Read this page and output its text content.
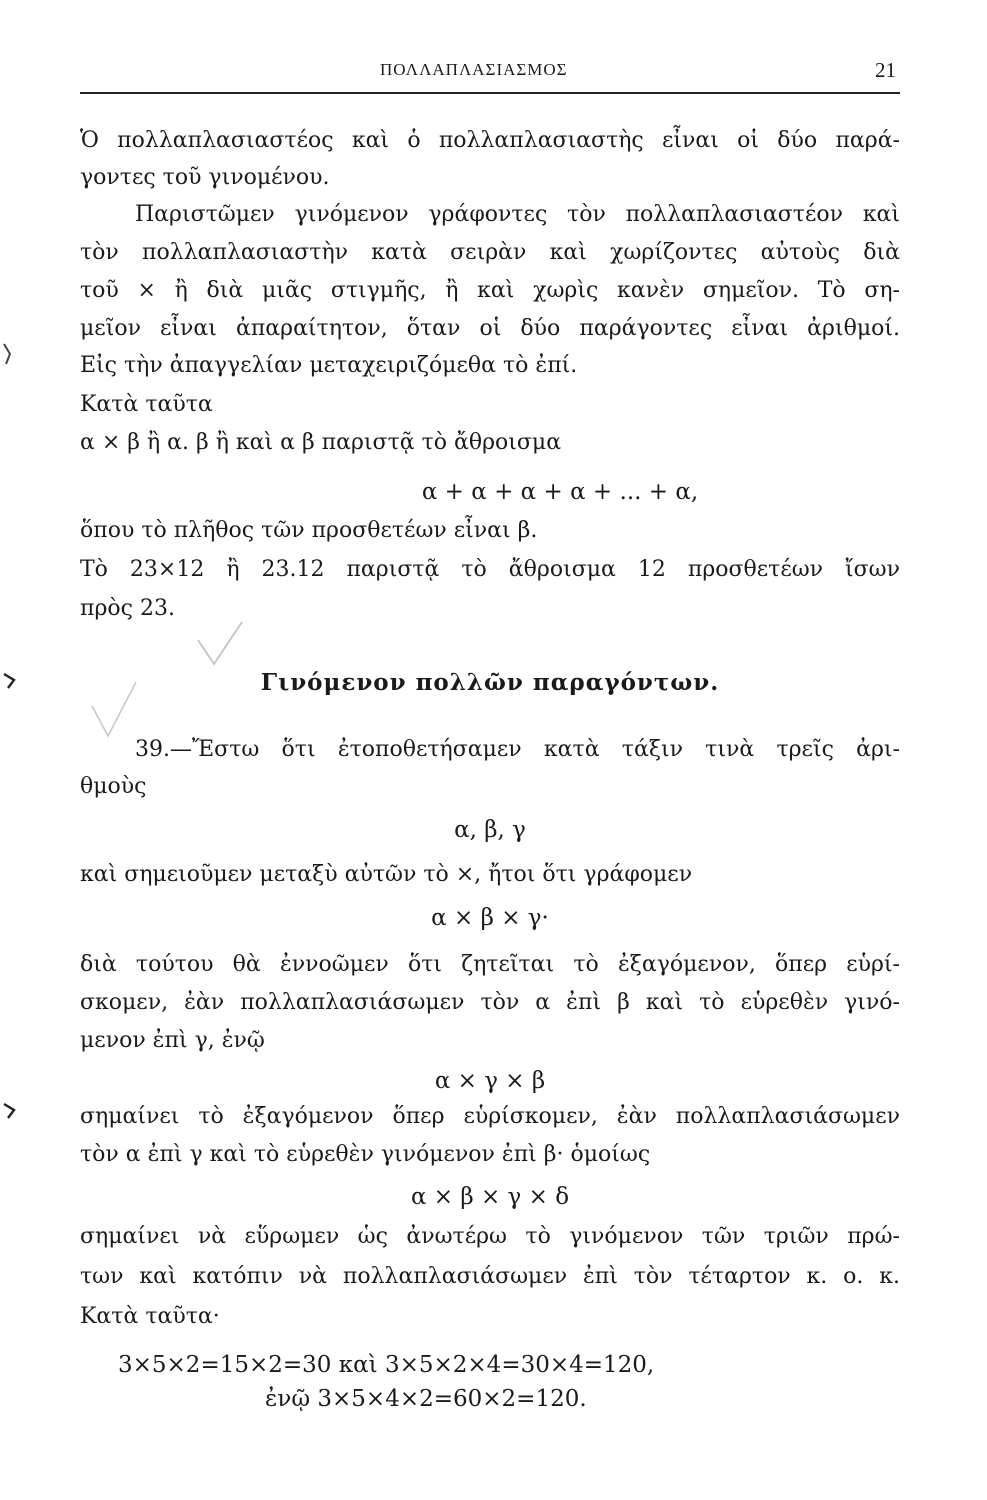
ΠΟΛΛΑΠΛΑΣΙΑΣΜΟΣ	21
Ὁ πολλαπλασιαστέος καὶ ὁ πολλαπλασιαστὴς εἶναι οἱ δύο παρά-
γοντες τοῦ γινομένου.
Παριστῶμεν γινόμενον γράφοντες τὸν πολλαπλασιαστέον καὶ
τὸν πολλαπλασιαστὴν κατὰ σειρὰν καὶ χωρίζοντες αὐτοὺς διὰ
τοῦ × ἢ διὰ μιᾶς στιγμῆς, ἢ καὶ χωρὶς κανὲν σημεῖον. Τὸ ση-
μεῖον εἶναι ἀπαραίτητον, ὅταν οἱ δύο παράγοντες εἶναι ἀριθμοί.
Εἰς τὴν ἀπαγγελίαν μεταχειριζόμεθα τὸ ἐπί.
Κατὰ ταῦτα
α × β ἢ α. β ἢ καὶ α β παριστᾷ τὸ ἄθροισμα
α + α + α + α + ... + α,
ὅπου τὸ πλῆθος τῶν προσθετέων εἶναι β.
Τὸ 23×12 ἢ 23.12 παριστᾷ τὸ ἄθροισμα 12 προσθετέων ἴσων
πρὸς 23.
Γινόμενον πολλῶν παραγόντων.
39.—Ἔστω ὅτι ἐτοποθετήσαμεν κατὰ τάξιν τινὰ τρεῖς ἀρι-
θμοὺς
α, β, γ
καὶ σημειοῦμεν μεταξὺ αὐτῶν τὸ ×, ἤτοι ὅτι γράφομεν
α × β × γ·
διὰ τούτου θὰ ἐννοῶμεν ὅτι ζητεῖται τὸ ἐξαγόμενον, ὅπερ εὑρί-
σκομεν, ἐὰν πολλαπλασιάσωμεν τὸν α ἐπὶ β καὶ τὸ εὑρεθὲν γινό-
μενον ἐπὶ γ, ἐνῷ
α × γ × β
σημαίνει τὸ ἐξαγόμενον ὅπερ εὑρίσκομεν, ἐὰν πολλαπλασιάσωμεν
τὸν α ἐπὶ γ καὶ τὸ εὑρεθὲν γινόμενον ἐπὶ β· ὁμοίως
α × β × γ × δ
σημαίνει νὰ εὕρωμεν ὡς ἀνωτέρω τὸ γινόμενον τῶν τριῶν πρώ-
των καὶ κατόπιν νὰ πολλαπλασιάσωμεν ἐπὶ τὸν τέταρτον κ. ο. κ.
Κατὰ ταῦτα·
3×5×2=15×2=30 καὶ 3×5×2×4=30×4=120,
ἐνῷ 3×5×4×2=60×2=120.
